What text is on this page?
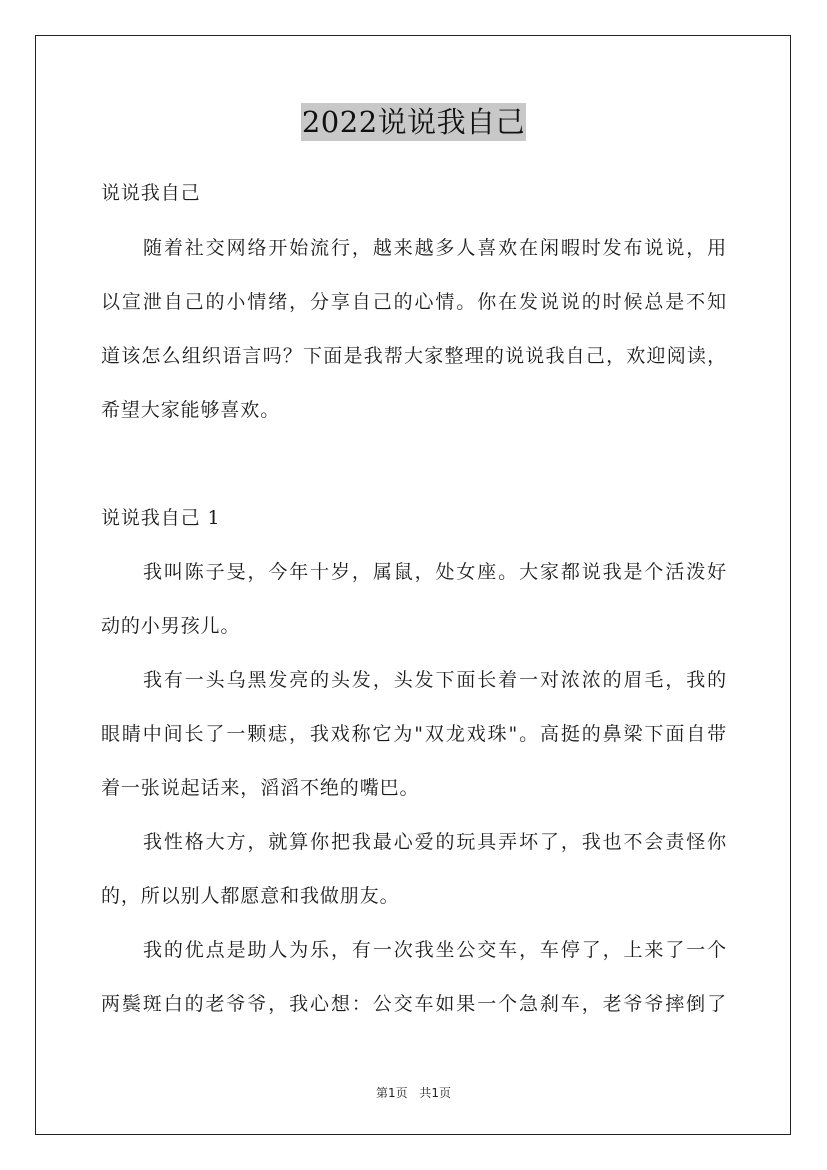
2022说说我自己
说说我自己
随着社交网络开始流行，越来越多人喜欢在闲暇时发布说说，用
以宣泄自己的小情绪，分享自己的心情。你在发说说的时候总是不知
道该怎么组织语言吗？下面是我帮大家整理的说说我自己，欢迎阅读，
希望大家能够喜欢。
说说我自己 1
我叫陈子旻，今年十岁，属鼠，处女座。大家都说我是个活泼好
动的小男孩儿。
我有一头乌黑发亮的头发，头发下面长着一对浓浓的眉毛，我的
眼睛中间长了一颗痣，我戏称它为"双龙戏珠"。高挺的鼻梁下面自带
着一张说起话来，滔滔不绝的嘴巴。
我性格大方，就算你把我最心爱的玩具弄坏了，我也不会责怪你
的，所以别人都愿意和我做朋友。
我的优点是助人为乐，有一次我坐公交车，车停了，上来了一个
两鬓斑白的老爷爷，我心想：公交车如果一个急刹车，老爷爷摔倒了
第1页 共1页
